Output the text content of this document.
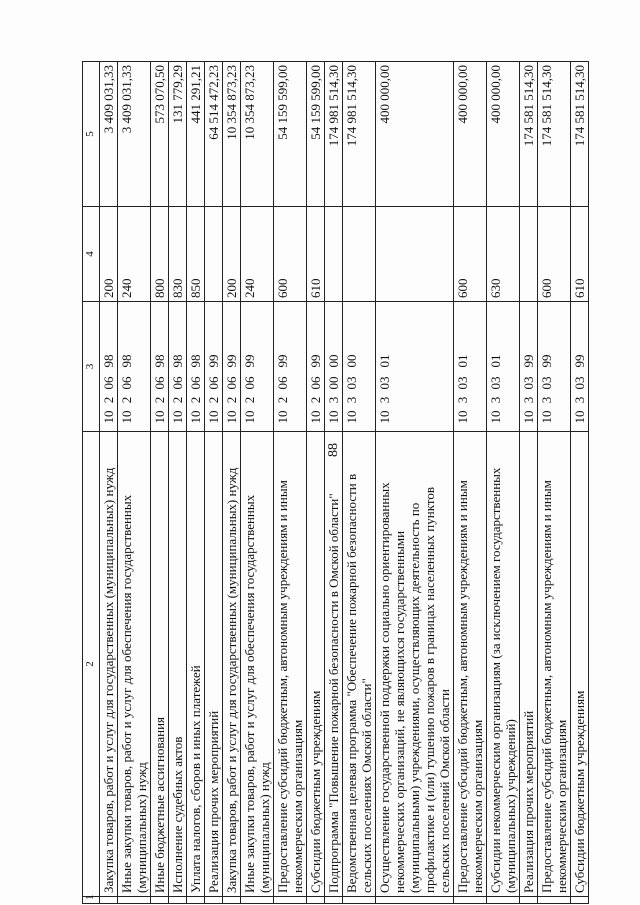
88
1	2	3	4	5
	Закупка товаров, работ и услуг для государственных (муниципальных) нужд	1020698	200	3 409 031,33
	Иные закупки товаров, работ и услуг для обеспечения государственных (муниципальных) нужд	1020698	240	3 409 031,33
	Иные бюджетные ассигнования	1020698	800	573 070,50
	Исполнение судебных актов	1020698	830	131 779,29
	Уплата налогов, сборов и иных платежей	1020698	850	441 291,21
	Реализация прочих мероприятий	1020699		64 514 472,23
	Закупка товаров, работ и услуг для государственных (муниципальных) нужд	1020699	200	10 354 873,23
	Иные закупки товаров, работ и услуг для обеспечения государственных (муниципальных) нужд	1020699	240	10 354 873,23
	Предоставление субсидий бюджетным, автономным учреждениям и иным некоммерческим организациям	1020699	600	54 159 599,00
	Субсидии бюджетным учреждениям	1020699	610	54 159 599,00
	Подпрограмма "Повышение пожарной безопасности в Омской области"	1030000		174 981 514,30
	Ведомственная целевая программа "Обеспечение пожарной безопасности в сельских поселениях Омской области"	1030300		174 981 514,30
	Осуществление государственной поддержки социально ориентированных некоммерческих организаций, не являющихся государственными (муниципальными) учреждениями, осуществляющих деятельность по профилактике и (или) тушению пожаров в границах населенных пунктов сельских поселений Омской области	1030301		400 000,00
	Предоставление субсидий бюджетным, автономным учреждениям и иным некоммерческим организациям	1030301	600	400 000,00
	Субсидии некоммерческим организациям (за исключением государственных (муниципальных) учреждений)	1030301	630	400 000,00
	Реализация прочих мероприятий	1030399		174 581 514,30
	Предоставление субсидий бюджетным, автономным учреждениям и иным некоммерческим организациям	1030399	600	174 581 514,30
	Субсидии бюджетным учреждениям	1030399	610	174 581 514,30
